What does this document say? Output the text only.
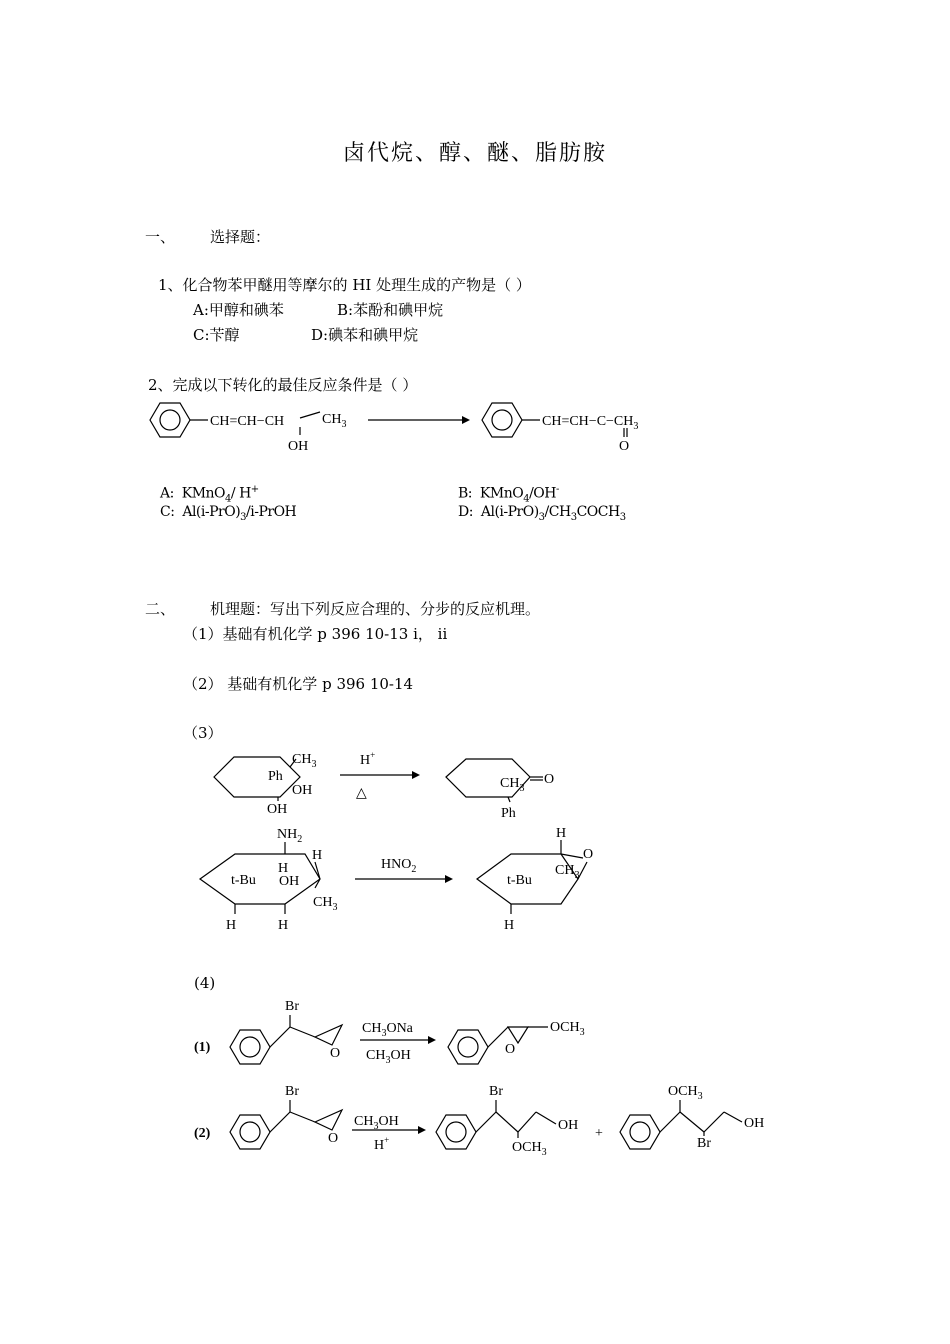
卤代烷、醇、醚、脂肪胺
一、 选择题：
1、化合物苯甲醚用等摩尔的 HI 处理生成的产物是（ ）
A:甲醇和碘苯	B:苯酚和碘甲烷
C:苄醇	D:碘苯和碘甲烷
2、完成以下转化的最佳反应条件是（ ）
CH=CH−CH	$CH_3$
OH
$CH=CH-C-CH_3$
O
A: KMnO$_4$/ H+	B: KMnO$_4$/OH-
C: $Al(i-PrO)_3/i$-PrOH	D: $Al(i-PrO)_3/CH_3COCH_3$
二、 机理题：写出下列反应合理的、分步的反应机理。
（1）基础有机化学 p 396 10-13 i， ii
（2） 基础有机化学 p 396 10-14
（3）
$CH_3$
Ph
OH
OH
H+
△
$CH_3$
O
Ph
$NH_2$
H
H
t-Bu OH
$CH_3$
H	H
$HNO_2$
H
O
$CH_3$
t-Bu
H
(4)
(1)
Br
O
$CH_3ONa$
$CH_3OH$	O
$OCH_3$
(2)
Br
O
$CH_3OH$
H+
Br
OH
$OCH_3$
+
$OCH_3$
OH
Br
